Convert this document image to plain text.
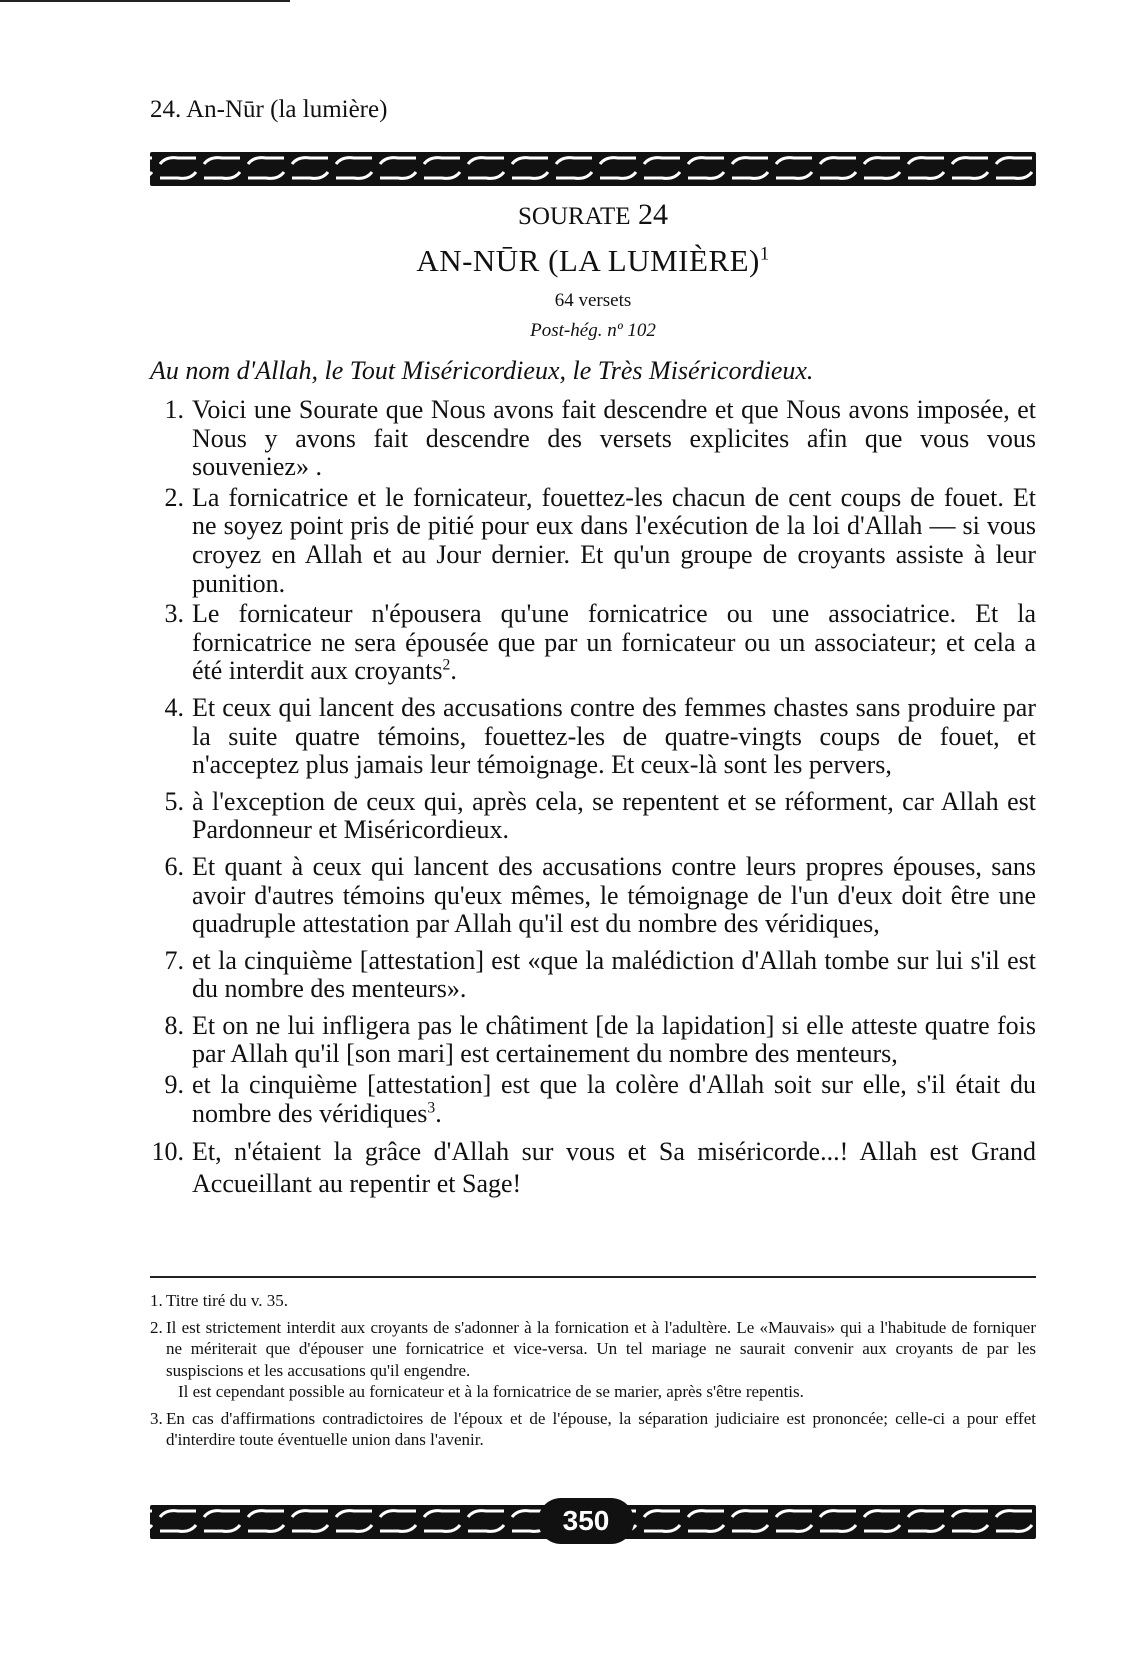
24. An-Nūr (la lumière)
SOURATE 24
AN-NŪR (LA LUMIÈRE)$^1$
64 versets
Post-hég. nº 102
Au nom d'Allah, le Tout Miséricordieux, le Très Miséricordieux.
1. Voici une Sourate que Nous avons fait descendre et que Nous avons imposée, et Nous y avons fait descendre des versets explicites afin que vous vous souveniez» .
2. La fornicatrice et le fornicateur, fouettez-les chacun de cent coups de fouet. Et ne soyez point pris de pitié pour eux dans l'exécution de la loi d'Allah — si vous croyez en Allah et au Jour dernier. Et qu'un groupe de croyants assiste à leur punition.
3. Le fornicateur n'épousera qu'une fornicatrice ou une associatrice. Et la fornicatrice ne sera épousée que par un fornicateur ou un associateur; et cela a été interdit aux croyants$^2$.
4. Et ceux qui lancent des accusations contre des femmes chastes sans produire par la suite quatre témoins, fouettez-les de quatre-vingts coups de fouet, et n'acceptez plus jamais leur témoignage. Et ceux-là sont les pervers,
5. à l'exception de ceux qui, après cela, se repentent et se réforment, car Allah est Pardonneur et Miséricordieux.
6. Et quant à ceux qui lancent des accusations contre leurs propres épouses, sans avoir d'autres témoins qu'eux mêmes, le témoignage de l'un d'eux doit être une quadruple attestation par Allah qu'il est du nombre des véridiques,
7. et la cinquième [attestation] est «que la malédiction d'Allah tombe sur lui s'il est du nombre des menteurs».
8. Et on ne lui infligera pas le châtiment [de la lapidation] si elle atteste quatre fois par Allah qu'il [son mari] est certainement du nombre des menteurs,
9. et la cinquième [attestation] est que la colère d'Allah soit sur elle, s'il était du nombre des véridiques$^3$.
10. Et, n'étaient la grâce d'Allah sur vous et Sa miséricorde...! Allah est Grand Accueillant au repentir et Sage!
1. Titre tiré du v. 35.
2. Il est strictement interdit aux croyants de s'adonner à la fornication et à l'adultère. Le «Mauvais» qui a l'habitude de forniquer ne mériterait que d'épouser une fornicatrice et vice-versa. Un tel mariage ne saurait convenir aux croyants de par les suspiscions et les accusations qu'il engendre.
Il est cependant possible au fornicateur et à la fornicatrice de se marier, après s'être repentis.
3. En cas d'affirmations contradictoires de l'époux et de l'épouse, la séparation judiciaire est prononcée; celle-ci a pour effet d'interdire toute éventuelle union dans l'avenir.
350
